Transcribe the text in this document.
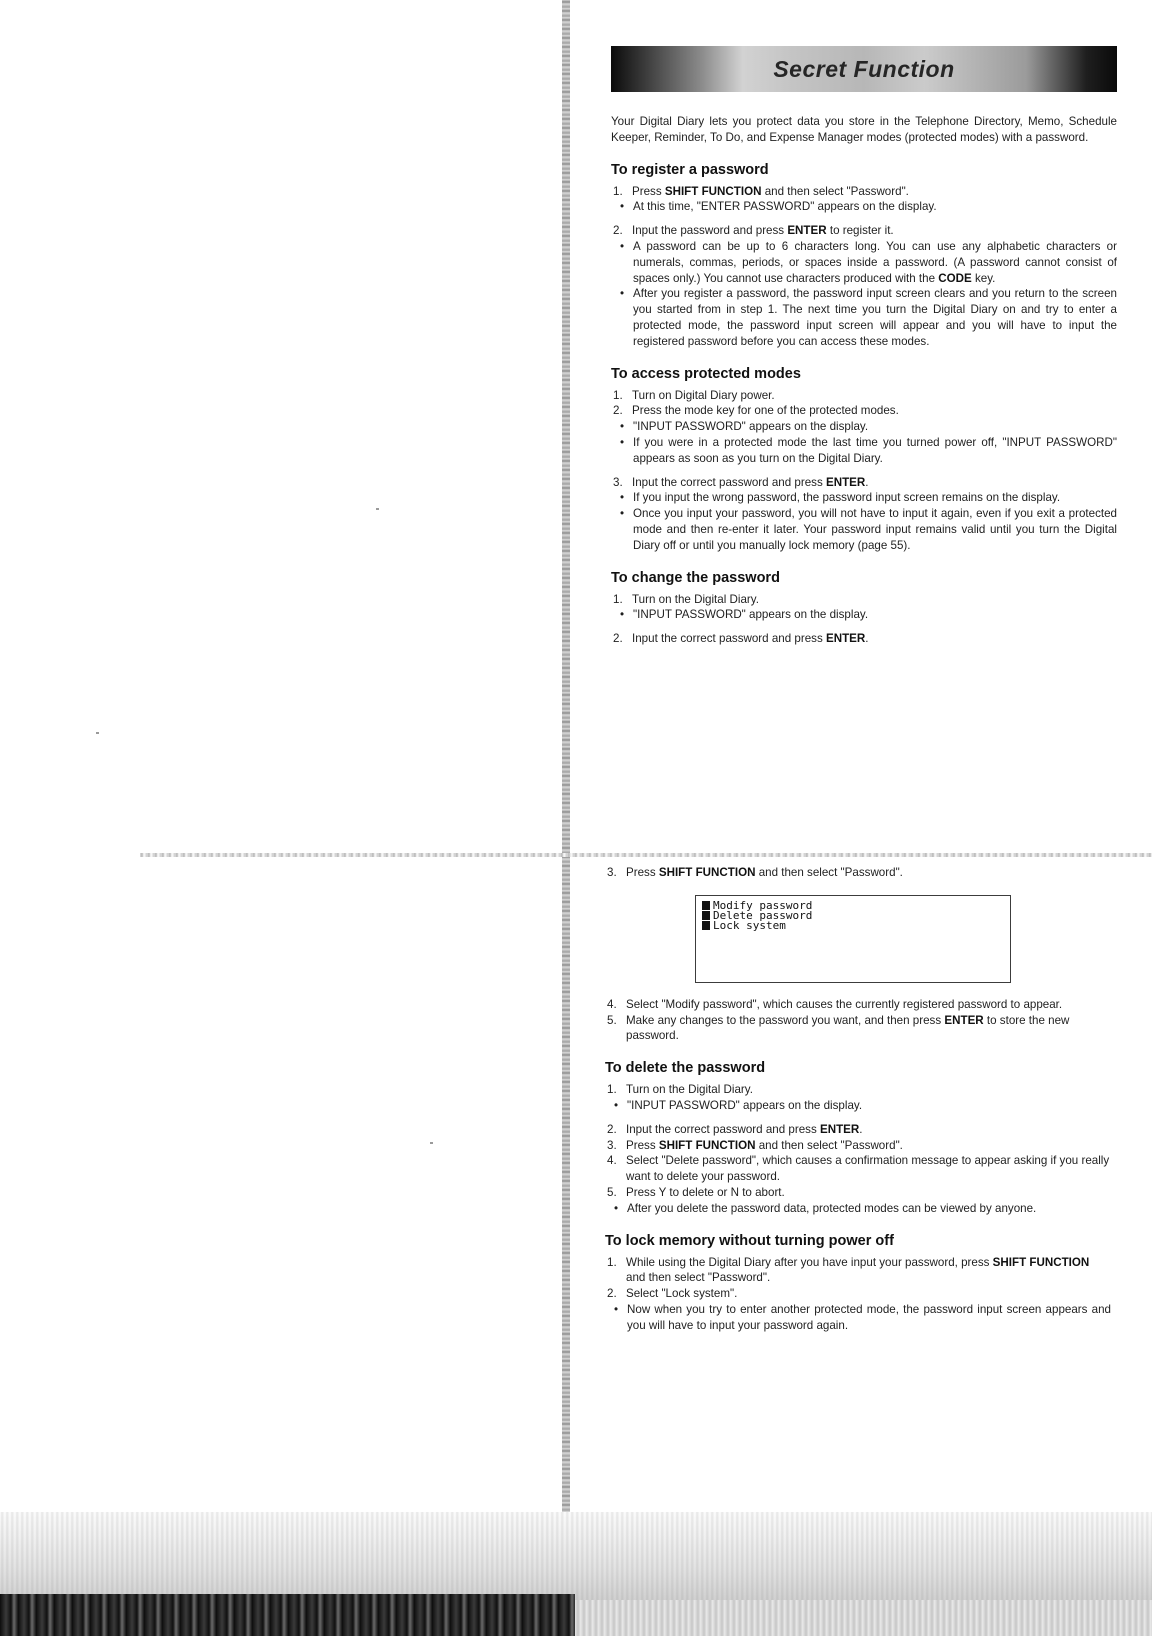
Secret Function

Your Digital Diary lets you protect data you store in the Telephone Directory, Memo, Schedule Keeper, Reminder, To Do, and Expense Manager modes (protected modes) with a password.

To register a password
1. Press SHIFT FUNCTION and then select "Password".
• At this time, "ENTER PASSWORD" appears on the display.
2. Input the password and press ENTER to register it.
• A password can be up to 6 characters long. You can use any alphabetic characters or numerals, commas, periods, or spaces inside a password. (A password cannot consist of spaces only.) You cannot use characters produced with the CODE key.
• After you register a password, the password input screen clears and you return to the screen you started from in step 1. The next time you turn the Digital Diary on and try to enter a protected mode, the password input screen will appear and you will have to input the registered password before you can access these modes.
To access protected modes
1. Turn on Digital Diary power.
2. Press the mode key for one of the protected modes.
• "INPUT PASSWORD" appears on the display.
• If you were in a protected mode the last time you turned power off, "INPUT PASSWORD" appears as soon as you turn on the Digital Diary.
3. Input the correct password and press ENTER.
• If you input the wrong password, the password input screen remains on the display.
• Once you input your password, you will not have to input it again, even if you exit a protected mode and then re-enter it later. Your password input remains valid until you turn the Digital Diary off or until you manually lock memory (page 55).
To change the password
1. Turn on the Digital Diary.
• "INPUT PASSWORD" appears on the display.
2. Input the correct password and press ENTER.
3. Press SHIFT FUNCTION and then select "Password".
Modify password
Delete password
Lock system
4. Select "Modify password", which causes the currently registered password to appear.
5. Make any changes to the password you want, and then press ENTER to store the new password.
To delete the password
1. Turn on the Digital Diary.
• "INPUT PASSWORD" appears on the display.
2. Input the correct password and press ENTER.
3. Press SHIFT FUNCTION and then select "Password".
4. Select "Delete password", which causes a confirmation message to appear asking if you really want to delete your password.
5. Press Y to delete or N to abort.
• After you delete the password data, protected modes can be viewed by anyone.
To lock memory without turning power off
1. While using the Digital Diary after you have input your password, press SHIFT FUNCTION and then select "Password".
2. Select "Lock system".
• Now when you try to enter another protected mode, the password input screen appears and you will have to input your password again.
